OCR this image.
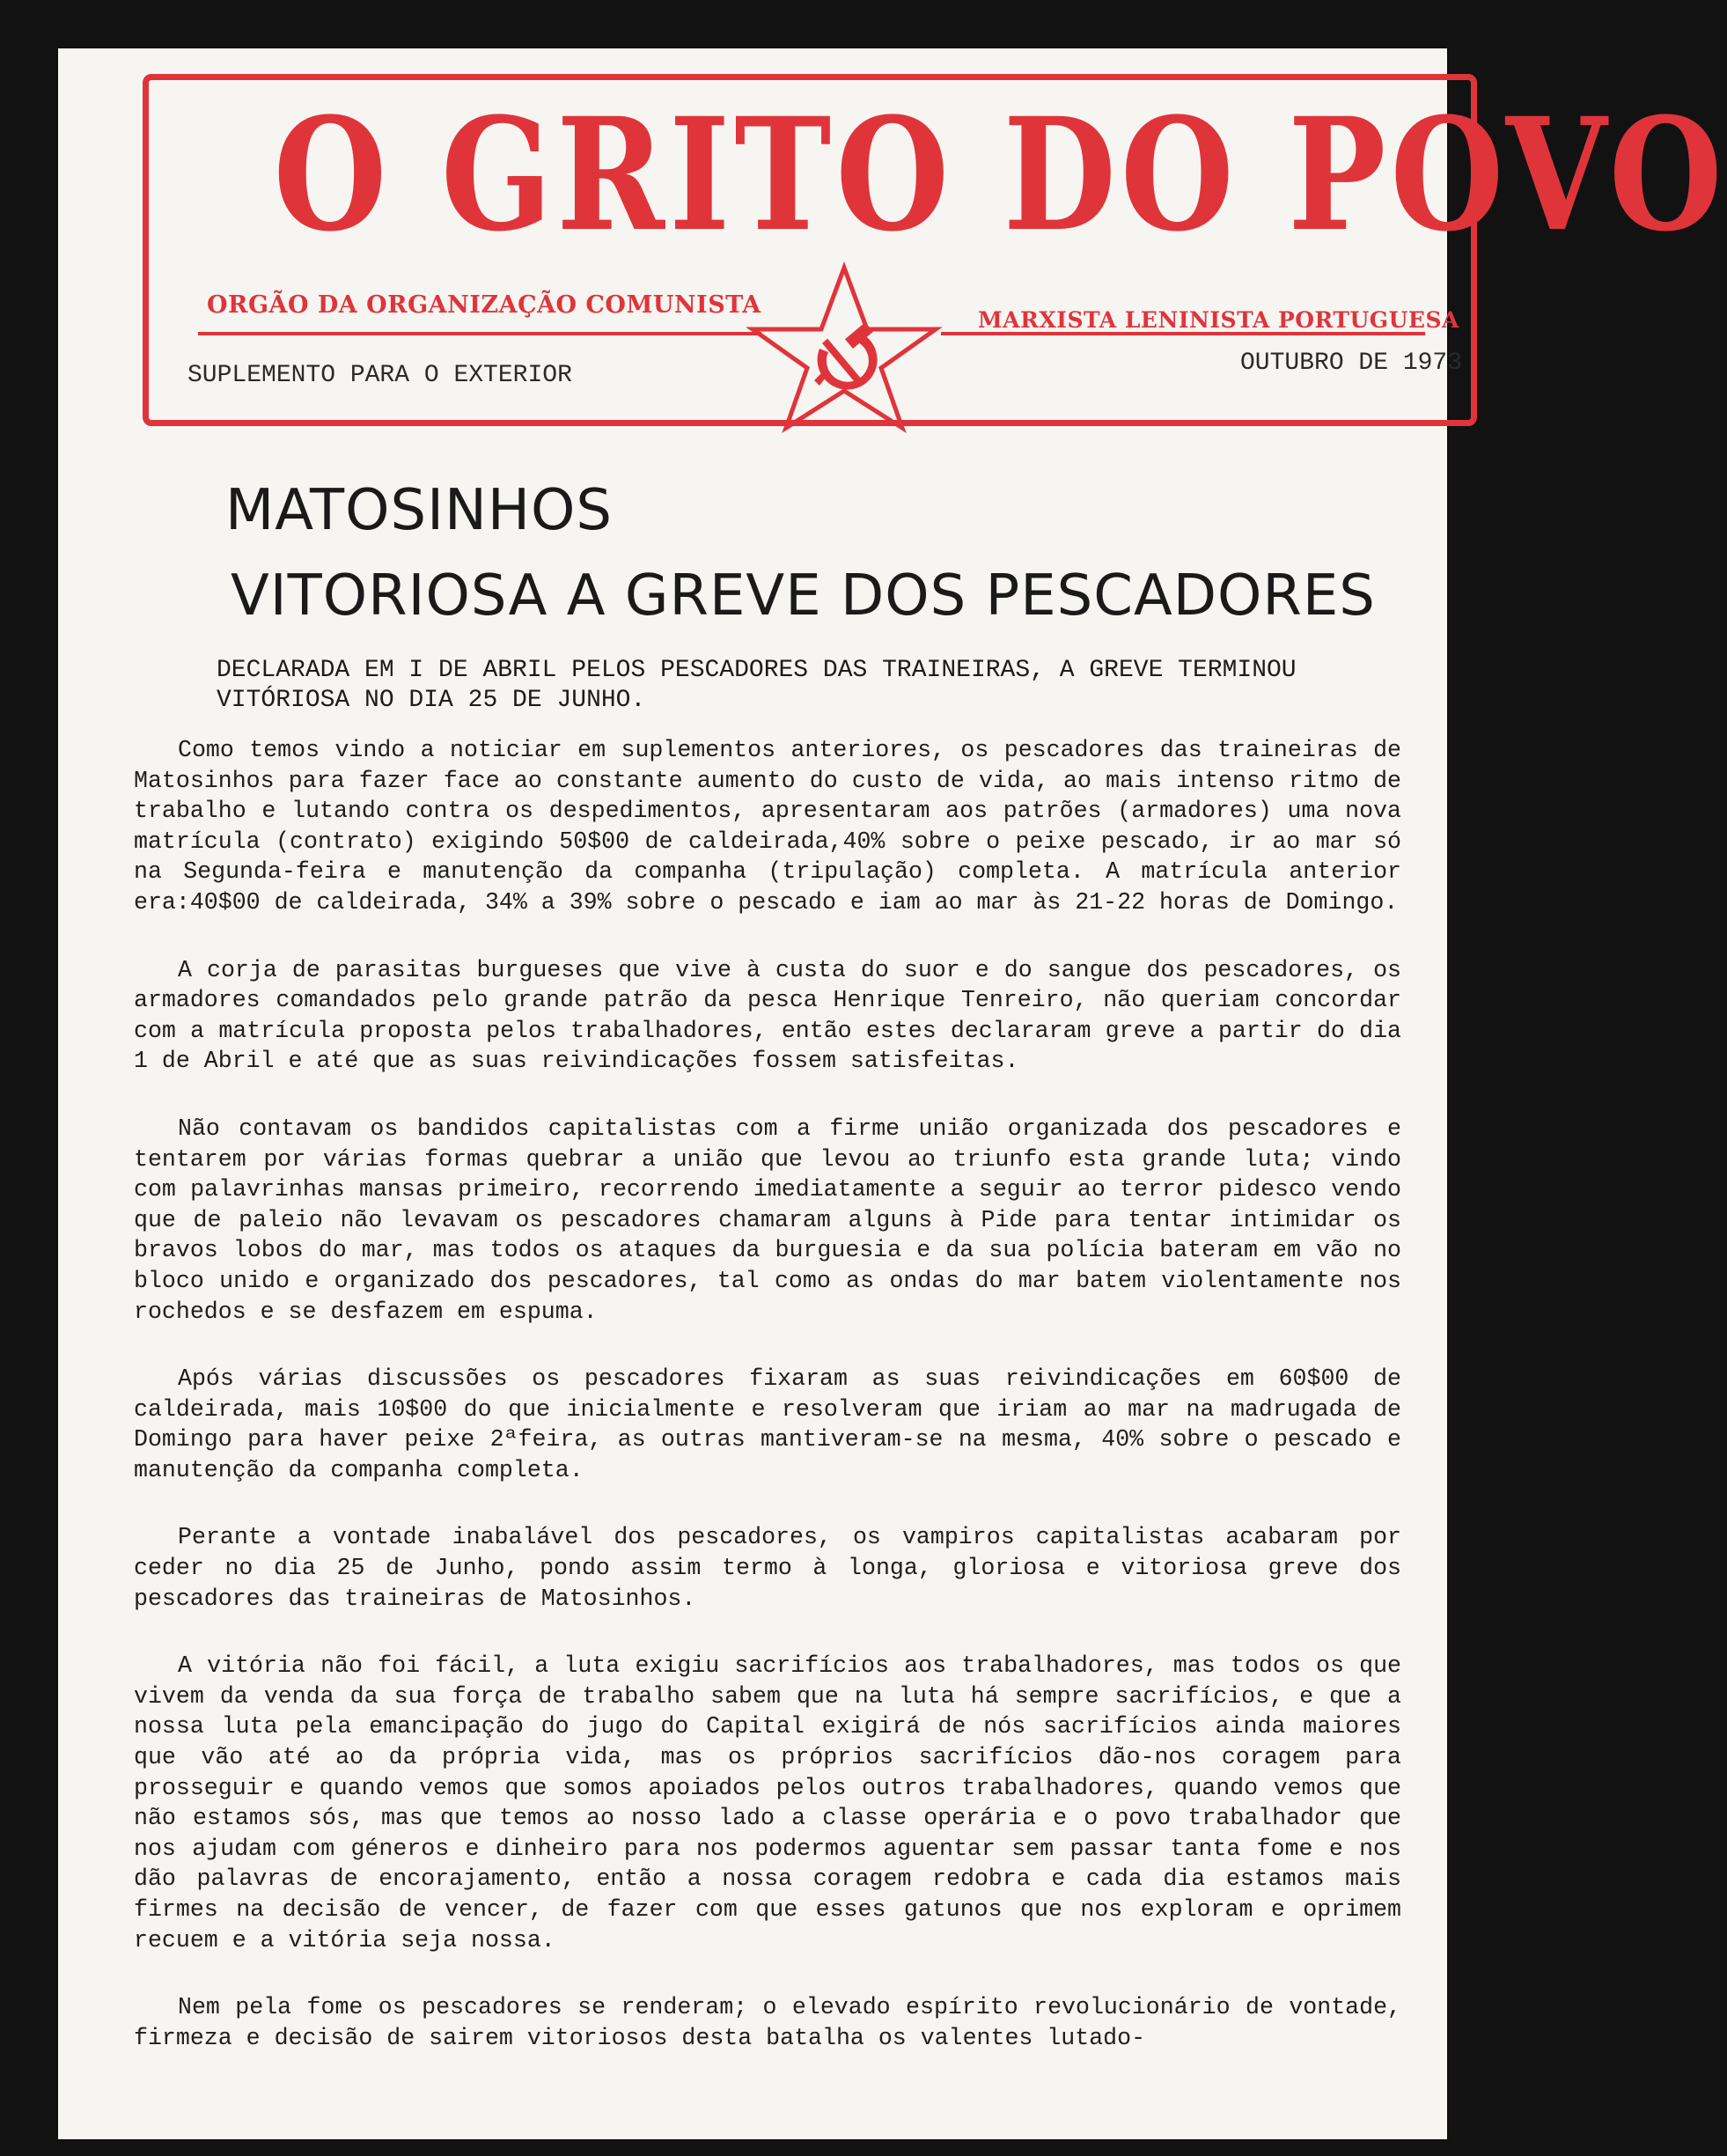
O GRITO DO POVO
ORGÃO DA ORGANIZAÇÃO COMUNISTA
MARXISTA LENINISTA PORTUGUESA
SUPLEMENTO PARA O EXTERIOR	OUTUBRO DE 1973
MATOSINHOS
VITORIOSA A GREVE DOS PESCADORES

DECLARADA EM I DE ABRIL PELOS PESCADORES DAS TRAINEIRAS, A GREVE TERMINOU VITÓRIOSA NO DIA 25 DE JUNHO.

Como temos vindo a noticiar em suplementos anteriores, os pescadores das traineiras de Matosinhos para fazer face ao constante aumento do custo de vida, ao mais intenso ritmo de trabalho e lutando contra os despedimentos, apresentaram aos patrões (armadores) uma nova matrícula (contrato) exigindo 50$00 de caldeirada,40% sobre o peixe pescado, ir ao mar só na Segunda-feira e manutenção da companha (tripulação) completa. A matrícula anterior era:40$00 de caldeirada, 34% a 39% sobre o pescado e iam ao mar às 21-22 horas de Domingo.

A corja de parasitas burgueses que vive à custa do suor e do sangue dos pescadores, os armadores comandados pelo grande patrão da pesca Henrique Tenreiro, não queriam concordar com a matrícula proposta pelos trabalhadores, então estes declararam greve a partir do dia 1 de Abril e até que as suas reivindicações fossem satisfeitas.

Não contavam os bandidos capitalistas com a firme união organizada dos pescadores e tentarem por várias formas quebrar a união que levou ao triunfo esta grande luta; vindo com palavrinhas mansas primeiro, recorrendo imediatamente a seguir ao terror pidesco vendo que de paleio não levavam os pescadores chamaram alguns à Pide para tentar intimidar os bravos lobos do mar, mas todos os ataques da burguesia e da sua polícia bateram em vão no bloco unido e organizado dos pescadores, tal como as ondas do mar batem violentamente nos rochedos e se desfazem em espuma.

Após várias discussões os pescadores fixaram as suas reivindicações em 60$00 de caldeirada, mais 10$00 do que inicialmente e resolveram que iriam ao mar na madrugada de Domingo para haver peixe 2ªfeira, as outras mantiveram-se na mesma, 40% sobre o pescado e manutenção da companha completa.

Perante a vontade inabalável dos pescadores, os vampiros capitalistas acabaram por ceder no dia 25 de Junho, pondo assim termo à longa, gloriosa e vitoriosa greve dos pescadores das traineiras de Matosinhos.

A vitória não foi fácil, a luta exigiu sacrifícios aos trabalhadores, mas todos os que vivem da venda da sua força de trabalho sabem que na luta há sempre sacrifícios, e que a nossa luta pela emancipação do jugo do Capital exigirá de nós sacrifícios ainda maiores que vão até ao da própria vida, mas os próprios sacrifícios dão-nos coragem para prosseguir e quando vemos que somos apoiados pelos outros trabalhadores, quando vemos que não estamos sós, mas que temos ao nosso lado a classe operária e o povo trabalhador que nos ajudam com géneros e dinheiro para nos podermos aguentar sem passar tanta fome e nos dão palavras de encorajamento, então a nossa coragem redobra e cada dia estamos mais firmes na decisão de vencer, de fazer com que esses gatunos que nos exploram e oprimem recuem e a vitória seja nossa.

Nem pela fome os pescadores se renderam; o elevado espírito revolucionário de vontade, firmeza e decisão de sairem vitoriosos desta batalha os valentes lutado-
